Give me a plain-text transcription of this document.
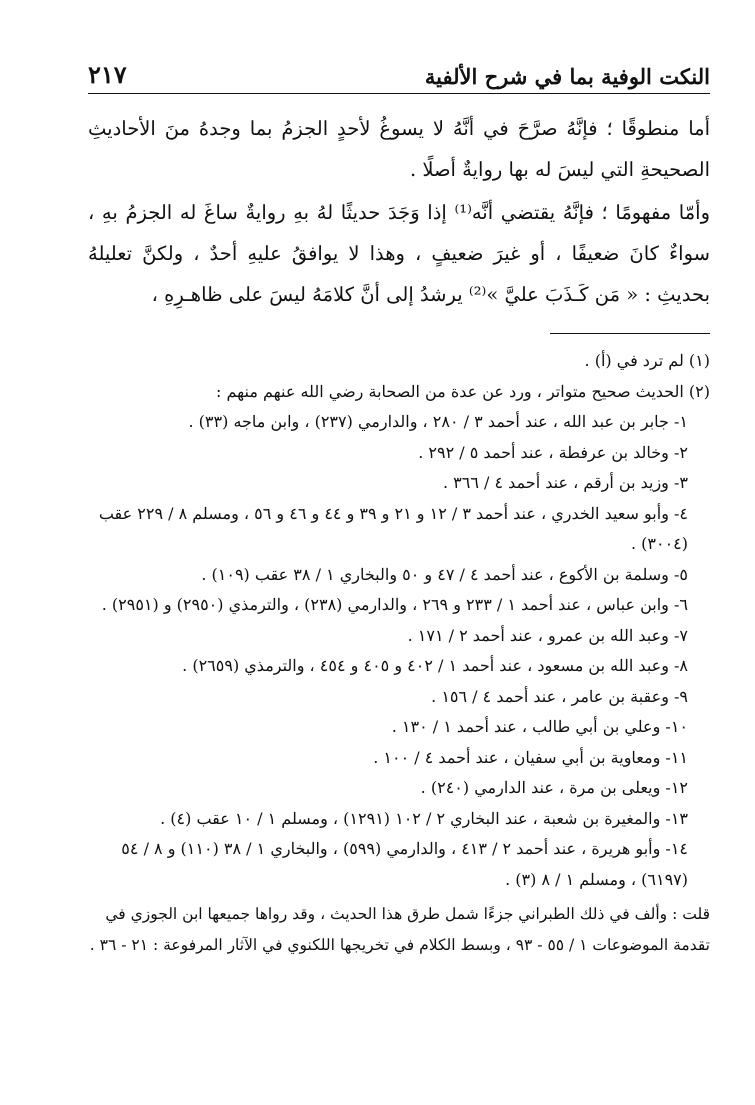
النكت الوفية بما في شرح الألفية
٢١٧

أما منطوقًا ؛ فإنَّهُ صرَّحَ في أنَّهُ لا يسوغُ لأحدٍ الجزمُ بما وجدهُ منَ الأحاديثِ الصحيحةِ التي ليسَ له بها روايةٌ أصلًا .

وأمّا مفهومًا ؛ فإنَّهُ يقتضي أنَّه⁽¹⁾ إذا وَجَدَ حديثًا لهُ بهِ روايةٌ ساغَ له الجزمُ بهِ ، سواءٌ كانَ ضعيفًا ، أو غيرَ ضعيفٍ ، وهذا لا يوافقُ عليهِ أحدٌ ، ولكنَّ تعليلهُ بحديثِ : « مَن كَـذَبَ عليَّ »⁽²⁾ يرشدُ إلى أنَّ كلامَهُ ليسَ على ظاهـرِهِ ،

(١) لم ترد في (أ) .

(٢) الحديث صحيح متواتر ، ورد عن عدة من الصحابة رضي الله عنهم منهم :

١- جابر بن عبد الله ، عند أحمد ٣ / ٢٨٠ ، والدارمي (٢٣٧) ، وابن ماجه (٣٣) .

٢- وخالد بن عرفطة ، عند أحمد ٥ / ٢٩٢ .

٣- وزيد بن أرقم ، عند أحمد ٤ / ٣٦٦ .

٤- وأبو سعيد الخدري ، عند أحمد ٣ / ١٢ و ٢١ و ٣٩ و ٤٤ و ٤٦ و ٥٦ ، ومسلم ٨ / ٢٢٩ عقب (٣٠٠٤) .

٥- وسلمة بن الأكوع ، عند أحمد ٤ / ٤٧ و ٥٠ والبخاري ١ / ٣٨ عقب (١٠٩) .

٦- وابن عباس ، عند أحمد ١ / ٢٣٣ و ٢٦٩ ، والدارمي (٢٣٨) ، والترمذي (٢٩٥٠) و (٢٩٥١) .

٧- وعبد الله بن عمرو ، عند أحمد ٢ / ١٧١ .

٨- وعبد الله بن مسعود ، عند أحمد ١ / ٤٠٢ و ٤٠٥ و ٤٥٤ ، والترمذي (٢٦٥٩) .

٩- وعقبة بن عامر ، عند أحمد ٤ / ١٥٦ .

١٠- وعلي بن أبي طالب ، عند أحمد ١ / ١٣٠ .

١١- ومعاوية بن أبي سفيان ، عند أحمد ٤ / ١٠٠ .

١٢- ويعلى بن مرة ، عند الدارمي (٢٤٠) .

١٣- والمغيرة بن شعبة ، عند البخاري ٢ / ١٠٢ (١٢٩١) ، ومسلم ١ / ١٠ عقب (٤) .

١٤- وأبو هريرة ، عند أحمد ٢ / ٤١٣ ، والدارمي (٥٩٩) ، والبخاري ١ / ٣٨ (١١٠) و ٨ / ٥٤ (٦١٩٧) ، ومسلم ١ / ٨ (٣) .

قلت : وألف في ذلك الطبراني جزءًا شمل طرق هذا الحديث ، وقد رواها جميعها ابن الجوزي في تقدمة الموضوعات ١ / ٥٥ - ٩٣ ، وبسط الكلام في تخريجها اللكنوي في الآثار المرفوعة : ٢١ - ٣٦ .
